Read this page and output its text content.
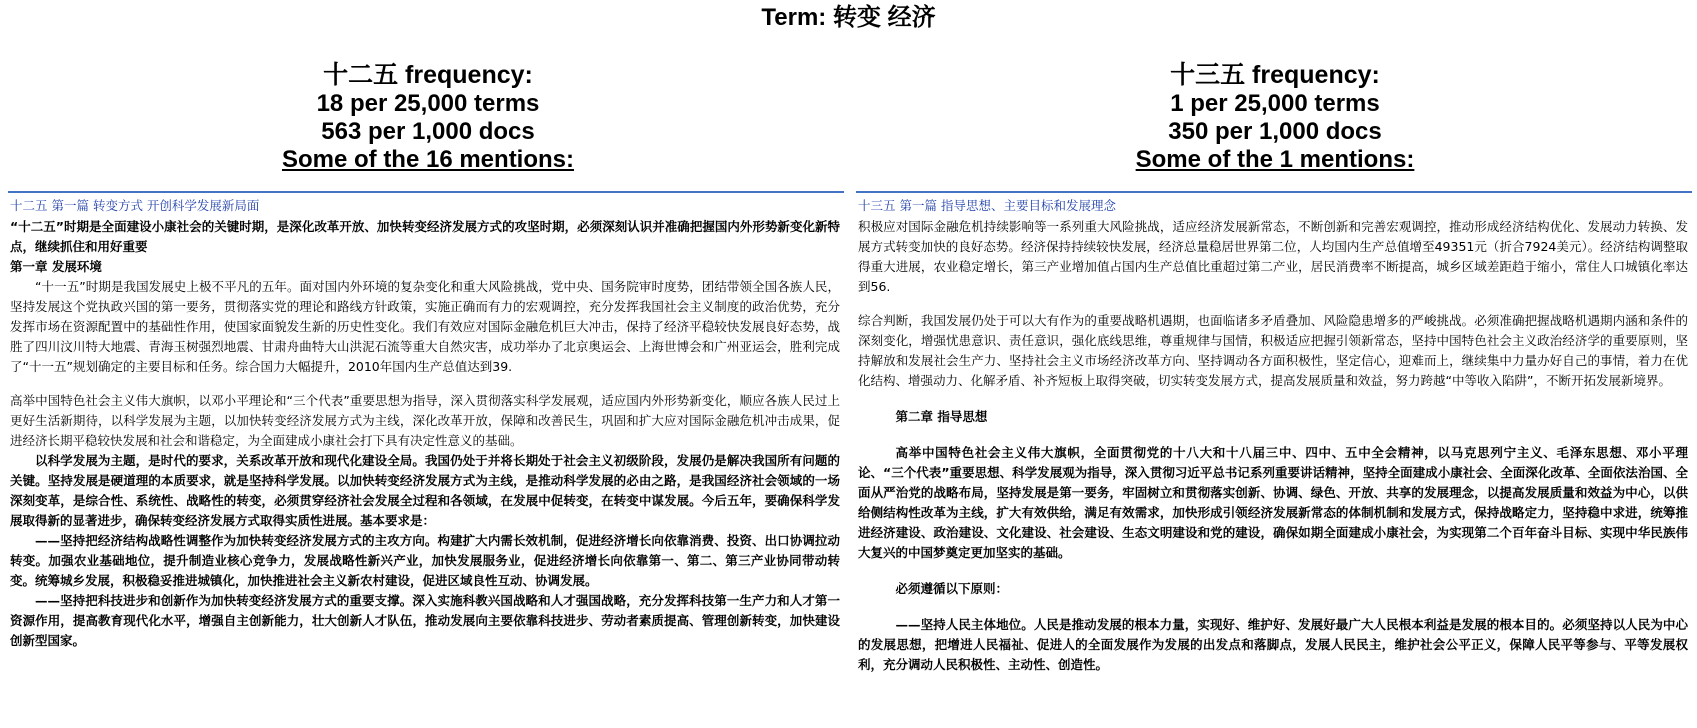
Term: 转变 经济
十二五 frequency:
18 per 25,000 terms
563 per 1,000 docs
Some of the 16 mentions:
十三五 frequency:
1 per 25,000 terms
350 per 1,000 docs
Some of the 1 mentions:
十二五 第一篇 转变方式 开创科学发展新局面

“十二五”时期是全面建设小康社会的关键时期，是深化改革开放、加快转变经济发展方式的攻坚时期，必须深刻认识并准确把握国内外形势新变化新特点，继续抓住和用好重要

第一章 发展环境

“十一五”时期是我国发展史上极不平凡的五年。面对国内外环境的复杂变化和重大风险挑战，党中央、国务院审时度势，团结带领全国各族人民，坚持发展这个党执政兴国的第一要务，贯彻落实党的理论和路线方针政策，实施正确而有力的宏观调控，充分发挥我国社会主义制度的政治优势，充分发挥市场在资源配置中的基础性作用，使国家面貌发生新的历史性变化。我们有效应对国际金融危机巨大冲击，保持了经济平稳较快发展良好态势，战胜了四川汶川特大地震、青海玉树强烈地震、甘肃舟曲特大山洪泥石流等重大自然灾害，成功举办了北京奥运会、上海世博会和广州亚运会，胜利完成了“十一五”规划确定的主要目标和任务。综合国力大幅提升，2010年国内生产总值达到39.

高举中国特色社会主义伟大旗帜，以邓小平理论和“三个代表”重要思想为指导，深入贯彻落实科学发展观，适应国内外形势新变化，顺应各族人民过上更好生活新期待，以科学发展为主题，以加快转变经济发展方式为主线，深化改革开放，保障和改善民生，巩固和扩大应对国际金融危机冲击成果，促进经济长期平稳较快发展和社会和谐稳定，为全面建成小康社会打下具有决定性意义的基础。

以科学发展为主题，是时代的要求，关系改革开放和现代化建设全局。我国仍处于并将长期处于社会主义初级阶段，发展仍是解决我国所有问题的关键。坚持发展是硬道理的本质要求，就是坚持科学发展。以加快转变经济发展方式为主线，是推动科学发展的必由之路，是我国经济社会领域的一场深刻变革，是综合性、系统性、战略性的转变，必须贯穿经济社会发展全过程和各领域，在发展中促转变，在转变中谋发展。今后五年，要确保科学发展取得新的显著进步，确保转变经济发展方式取得实质性进展。基本要求是：

——坚持把经济结构战略性调整作为加快转变经济发展方式的主攻方向。构建扩大内需长效机制，促进经济增长向依靠消费、投资、出口协调拉动转变。加强农业基础地位，提升制造业核心竞争力，发展战略性新兴产业，加快发展服务业，促进经济增长向依靠第一、第二、第三产业协同带动转变。统筹城乡发展，积极稳妥推进城镇化，加快推进社会主义新农村建设，促进区域良性互动、协调发展。

——坚持把科技进步和创新作为加快转变经济发展方式的重要支撑。深入实施科教兴国战略和人才强国战略，充分发挥科技第一生产力和人才第一资源作用，提高教育现代化水平，增强自主创新能力，壮大创新人才队伍，推动发展向主要依靠科技进步、劳动者素质提高、管理创新转变，加快建设创新型国家。

十三五 第一篇 指导思想、主要目标和发展理念

积极应对国际金融危机持续影响等一系列重大风险挑战，适应经济发展新常态，不断创新和完善宏观调控，推动形成经济结构优化、发展动力转换、发展方式转变加快的良好态势。经济保持持续较快发展，经济总量稳居世界第二位，人均国内生产总值增至49351元（折合7924美元）。经济结构调整取得重大进展，农业稳定增长，第三产业增加值占国内生产总值比重超过第二产业，居民消费率不断提高，城乡区域差距趋于缩小，常住人口城镇化率达到56.

综合判断，我国发展仍处于可以大有作为的重要战略机遇期，也面临诸多矛盾叠加、风险隐患增多的严峻挑战。必须准确把握战略机遇期内涵和条件的深刻变化，增强忧患意识、责任意识，强化底线思维，尊重规律与国情，积极适应把握引领新常态，坚持中国特色社会主义政治经济学的重要原则，坚持解放和发展社会生产力、坚持社会主义市场经济改革方向、坚持调动各方面积极性，坚定信心，迎难而上，继续集中力量办好自己的事情，着力在优化结构、增强动力、化解矛盾、补齐短板上取得突破，切实转变发展方式，提高发展质量和效益，努力跨越“中等收入陷阱”，不断开拓发展新境界。

第二章 指导思想

高举中国特色社会主义伟大旗帜，全面贯彻党的十八大和十八届三中、四中、五中全会精神，以马克思列宁主义、毛泽东思想、邓小平理论、“三个代表”重要思想、科学发展观为指导，深入贯彻习近平总书记系列重要讲话精神，坚持全面建成小康社会、全面深化改革、全面依法治国、全面从严治党的战略布局，坚持发展是第一要务，牢固树立和贯彻落实创新、协调、绿色、开放、共享的发展理念，以提高发展质量和效益为中心，以供给侧结构性改革为主线，扩大有效供给，满足有效需求，加快形成引领经济发展新常态的体制机制和发展方式，保持战略定力，坚持稳中求进，统筹推进经济建设、政治建设、文化建设、社会建设、生态文明建设和党的建设，确保如期全面建成小康社会，为实现第二个百年奋斗目标、实现中华民族伟大复兴的中国梦奠定更加坚实的基础。

必须遵循以下原则：

——坚持人民主体地位。人民是推动发展的根本力量，实现好、维护好、发展好最广大人民根本利益是发展的根本目的。必须坚持以人民为中心的发展思想，把增进人民福祉、促进人的全面发展作为发展的出发点和落脚点，发展人民民主，维护社会公平正义，保障人民平等参与、平等发展权利，充分调动人民积极性、主动性、创造性。
